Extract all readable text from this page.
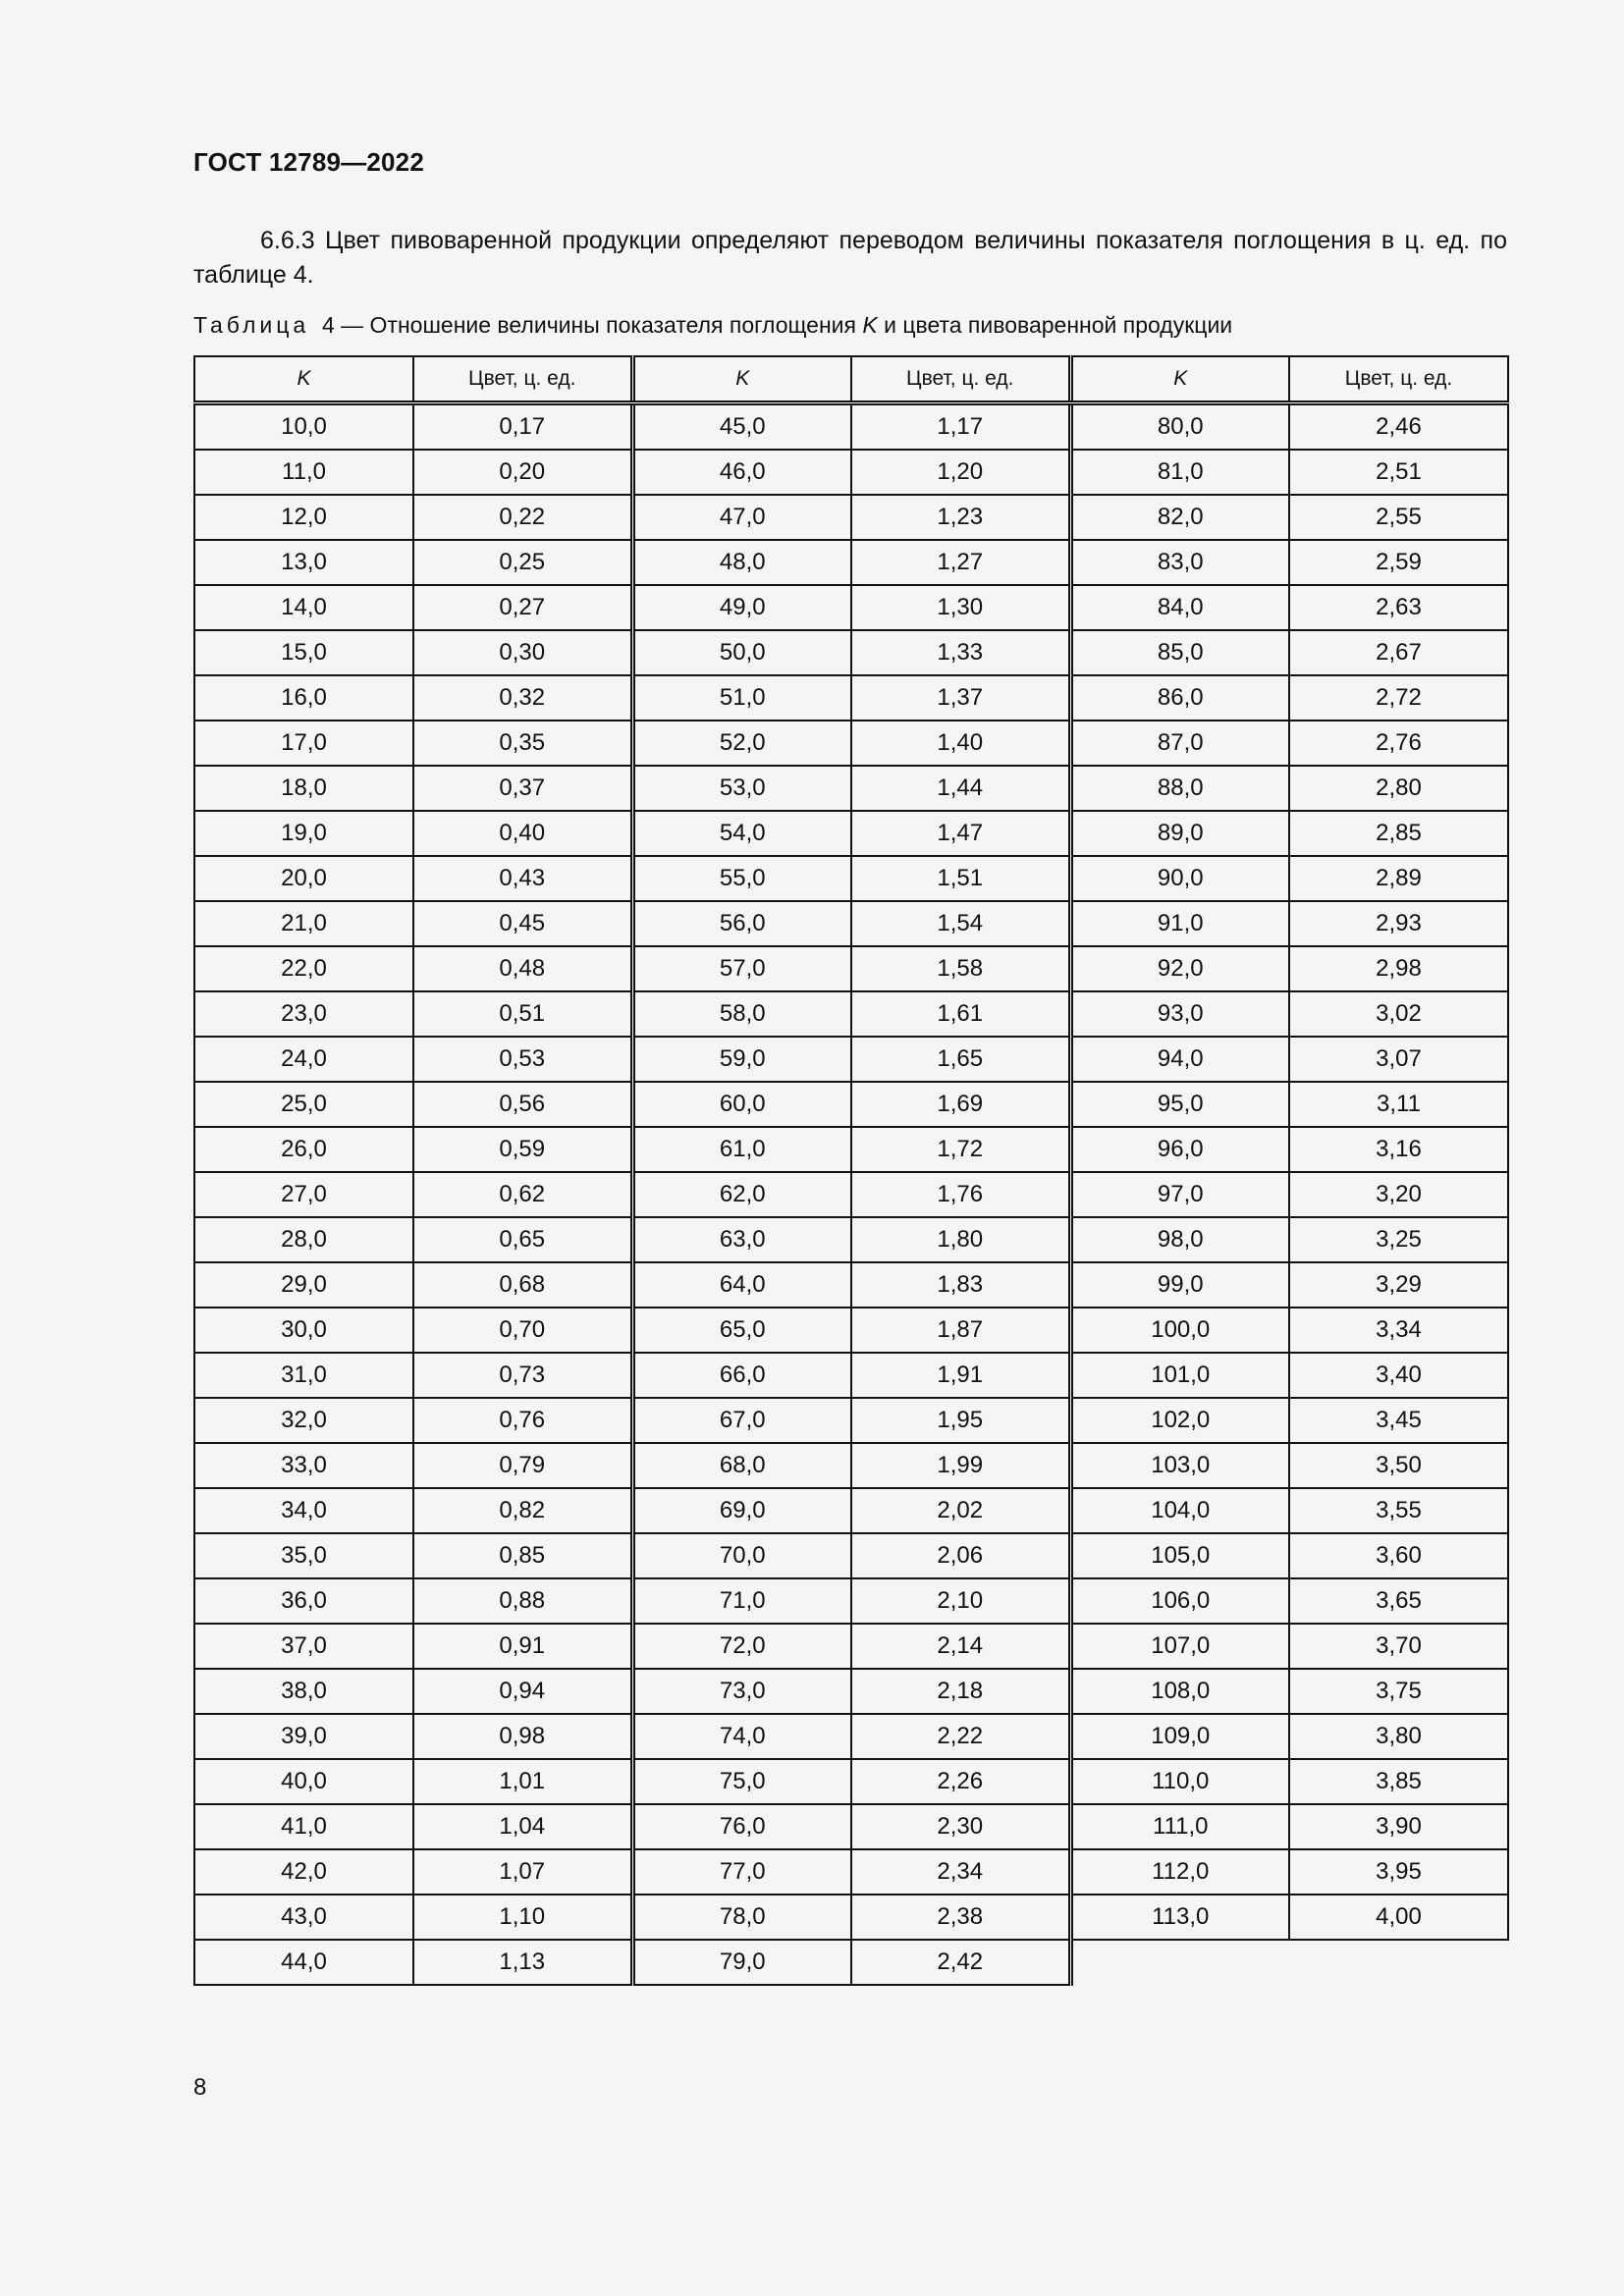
ГОСТ 12789—2022
6.6.3 Цвет пивоваренной продукции определяют переводом величины показателя поглощения в ц. ед. по таблице 4.
Таблица 4 — Отношение величины показателя поглощения K и цвета пивоваренной продукции
K	Цвет, ц. ед.	K	Цвет, ц. ед.	K	Цвет, ц. ед.
10,0	0,17	45,0	1,17	80,0	2,46
11,0	0,20	46,0	1,20	81,0	2,51
12,0	0,22	47,0	1,23	82,0	2,55
13,0	0,25	48,0	1,27	83,0	2,59
14,0	0,27	49,0	1,30	84,0	2,63
15,0	0,30	50,0	1,33	85,0	2,67
16,0	0,32	51,0	1,37	86,0	2,72
17,0	0,35	52,0	1,40	87,0	2,76
18,0	0,37	53,0	1,44	88,0	2,80
19,0	0,40	54,0	1,47	89,0	2,85
20,0	0,43	55,0	1,51	90,0	2,89
21,0	0,45	56,0	1,54	91,0	2,93
22,0	0,48	57,0	1,58	92,0	2,98
23,0	0,51	58,0	1,61	93,0	3,02
24,0	0,53	59,0	1,65	94,0	3,07
25,0	0,56	60,0	1,69	95,0	3,11
26,0	0,59	61,0	1,72	96,0	3,16
27,0	0,62	62,0	1,76	97,0	3,20
28,0	0,65	63,0	1,80	98,0	3,25
29,0	0,68	64,0	1,83	99,0	3,29
30,0	0,70	65,0	1,87	100,0	3,34
31,0	0,73	66,0	1,91	101,0	3,40
32,0	0,76	67,0	1,95	102,0	3,45
33,0	0,79	68,0	1,99	103,0	3,50
34,0	0,82	69,0	2,02	104,0	3,55
35,0	0,85	70,0	2,06	105,0	3,60
36,0	0,88	71,0	2,10	106,0	3,65
37,0	0,91	72,0	2,14	107,0	3,70
38,0	0,94	73,0	2,18	108,0	3,75
39,0	0,98	74,0	2,22	109,0	3,80
40,0	1,01	75,0	2,26	110,0	3,85
41,0	1,04	76,0	2,30	111,0	3,90
42,0	1,07	77,0	2,34	112,0	3,95
43,0	1,10	78,0	2,38	113,0	4,00
44,0	1,13	79,0	2,42		
8
